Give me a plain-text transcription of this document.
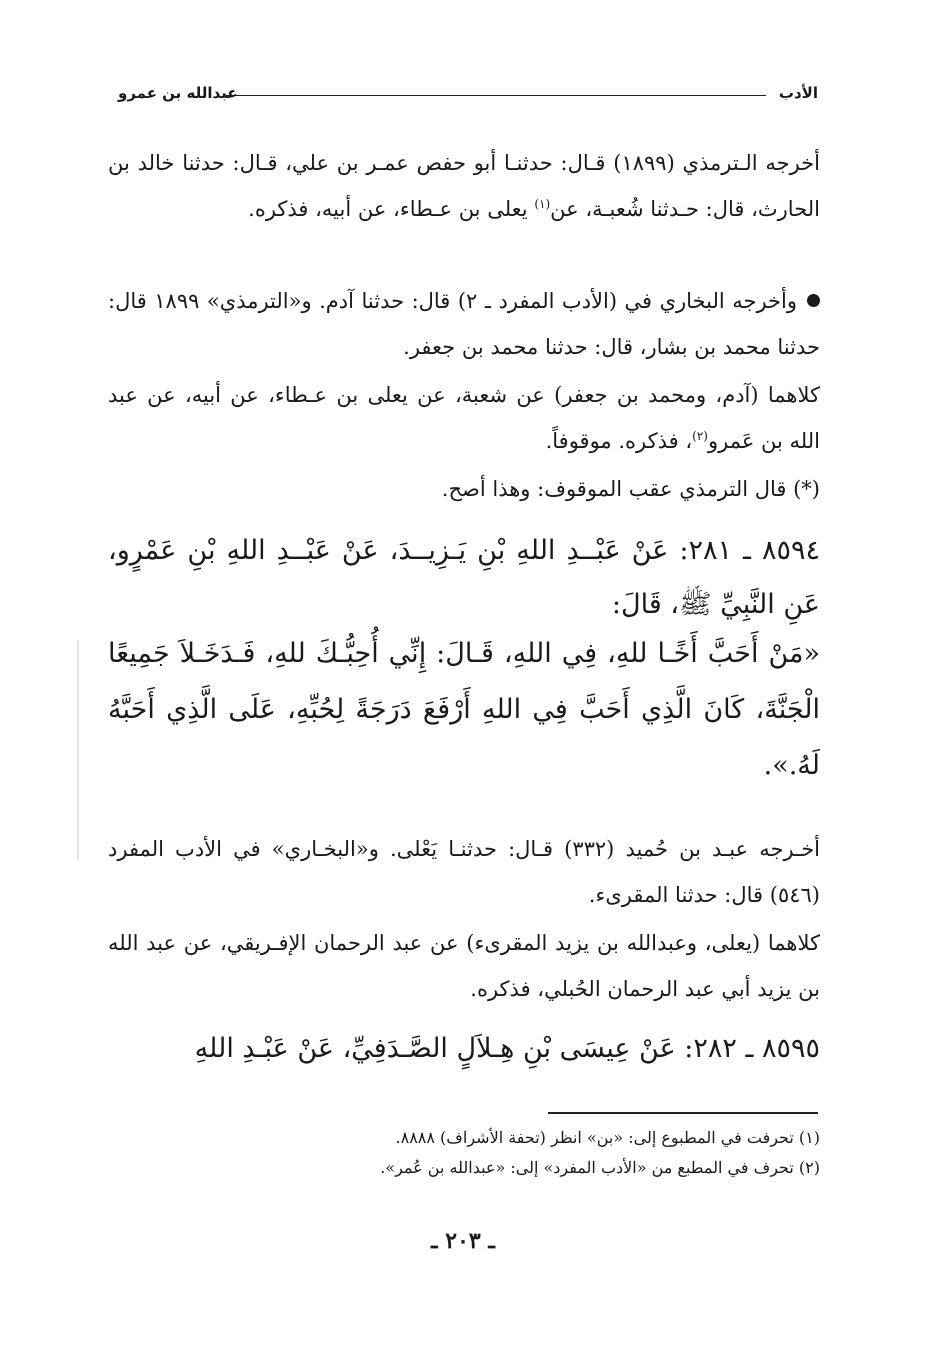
الأدب
عبدالله بن عمرو

أخرجه الـترمذي (١٨٩٩) قـال: حدثنـا أبو حفص عمـر بن علي، قـال: حدثنا خالد بن الحارث، قال: حـدثنا شُعبـة، عن$^{(١)}$ يعلى بن عـطاء، عن أبيه، فذكره.

وأخرجه البخاري في (الأدب المفرد ـ ٢) قال: حدثنا آدم. و«الترمذي» ١٨٩٩ قال: حدثنا محمد بن بشار، قال: حدثنا محمد بن جعفر.

كلاهما (آدم، ومحمد بن جعفر) عن شعبة، عن يعلى بن عـطاء، عن أبيه، عن عبد الله بن عَمرو$^{(٢)}$، فذكره. موقوفاً.

(*) قال الترمذي عقب الموقوف: وهذا أصح.

٨٥٩٤ ـ ٢٨١: عَنْ عَبْــدِ اللهِ بْنِ يَـزِيــدَ، عَنْ عَبْــدِ اللهِ بْنِ عَمْرٍو، عَنِ النَّبِيِّ ﷺ، قَالَ:

«مَنْ أَحَبَّ أَخًـا للهِ، فِي اللهِ، قَـالَ: إِنِّي أُحِبُّـكَ للهِ، فَـدَخَـلاَ جَمِيعًا الْجَنَّةَ، كَانَ الَّذِي أَحَبَّ فِي اللهِ أَرْفَعَ دَرَجَةً لِحُبِّهِ، عَلَى الَّذِي أَحَبَّهُ لَهُ.».

أخـرجه عبـد بن حُميد (٣٣٢) قـال: حدثنـا يَعْلى. و«البخـاري» في الأدب المفرد (٥٤٦) قال: حدثنا المقرىء.

كلاهما (يعلى، وعبدالله بن يزيد المقرىء) عن عبد الرحمان الإفـريقي، عن عبد الله بن يزيد أبي عبد الرحمان الحُبلي، فذكره.

٨٥٩٥ ـ ٢٨٢: عَنْ عِيسَى بْنِ هِـلاَلٍ الصَّـدَفِيِّ، عَنْ عَبْـدِ اللهِ

(١) تحرفت في المطبوع إلى: «بن» انظر (تحفة الأشراف) ٨٨٨٨.
(٢) تحرف في المطبع من «الأدب المفرد» إلى: «عبدالله بن عُمر».
ـ ٢٠٣ ـ
